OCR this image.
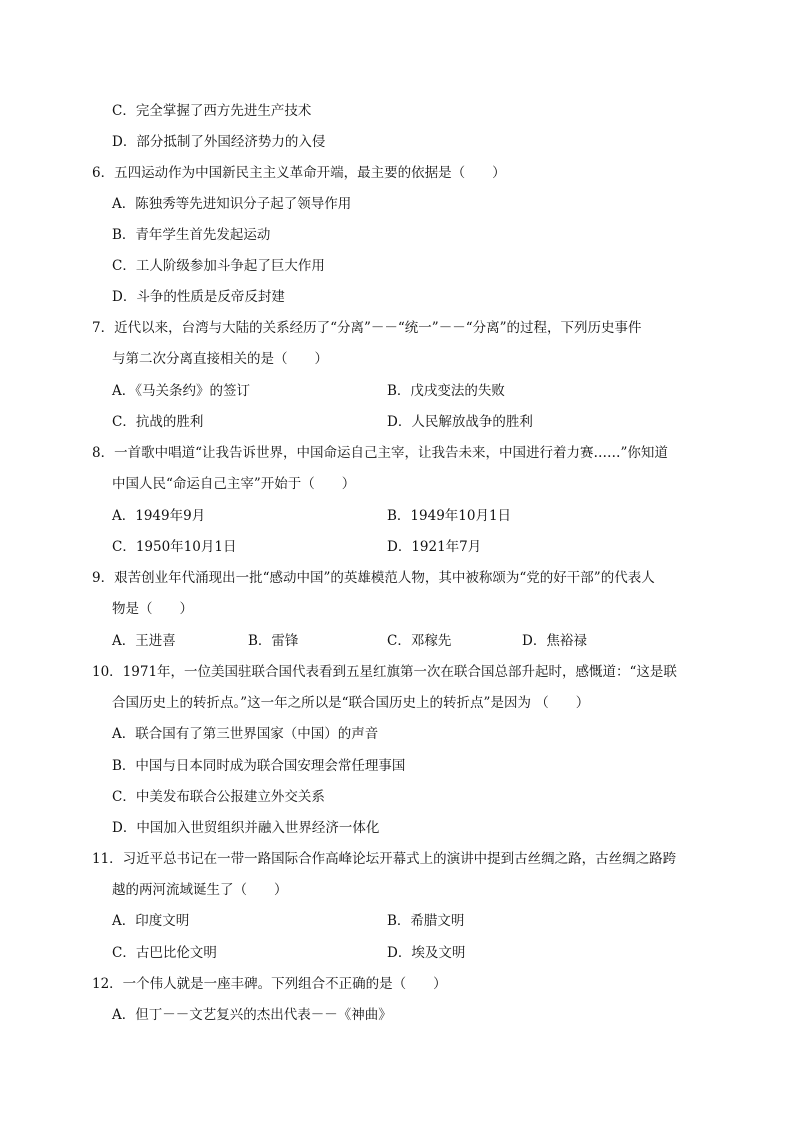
C．完全掌握了西方先进生产技术
D．部分抵制了外国经济势力的入侵
6．五四运动作为中国新民主主义革命开端，最主要的依据是（　　）
A．陈独秀等先进知识分子起了领导作用
B．青年学生首先发起运动
C．工人阶级参加斗争起了巨大作用
D．斗争的性质是反帝反封建
7．近代以来，台湾与大陆的关系经历了“分离”－－“统一”－－“分离”的过程，下列历史事件
与第二次分离直接相关的是（　　）
A．《马关条约》的签订	B．戊戌变法的失败
C．抗战的胜利	D．人民解放战争的胜利
8．一首歌中唱道“让我告诉世界，中国命运自己主宰，让我告未来，中国进行着力赛……”你知道
中国人民“命运自己主宰”开始于（　　）
A．1949年9月	B．1949年10月1日
C．1950年10月1日	D．1921年7月
9．艰苦创业年代涌现出一批“感动中国”的英雄模范人物，其中被称颂为“党的好干部”的代表人
物是（　　）
A．王进喜	B．雷锋	C．邓稼先	D．焦裕禄
10．1971年，一位美国驻联合国代表看到五星红旗第一次在联合国总部升起时，感慨道：“这是联
合国历史上的转折点。”这一年之所以是“联合国历史上的转折点”是因为 （　　）
A．联合国有了第三世界国家（中国）的声音
B．中国与日本同时成为联合国安理会常任理事国
C．中美发布联合公报建立外交关系
D．中国加入世贸组织并融入世界经济一体化
11．习近平总书记在一带一路国际合作高峰论坛开幕式上的演讲中提到古丝绸之路，古丝绸之路跨
越的两河流域诞生了（　　）
A．印度文明	B．希腊文明
C．古巴比伦文明	D．埃及文明
12．一个伟人就是一座丰碑。下列组合不正确的是（　　）
A．但丁－－文艺复兴的杰出代表－－《神曲》
